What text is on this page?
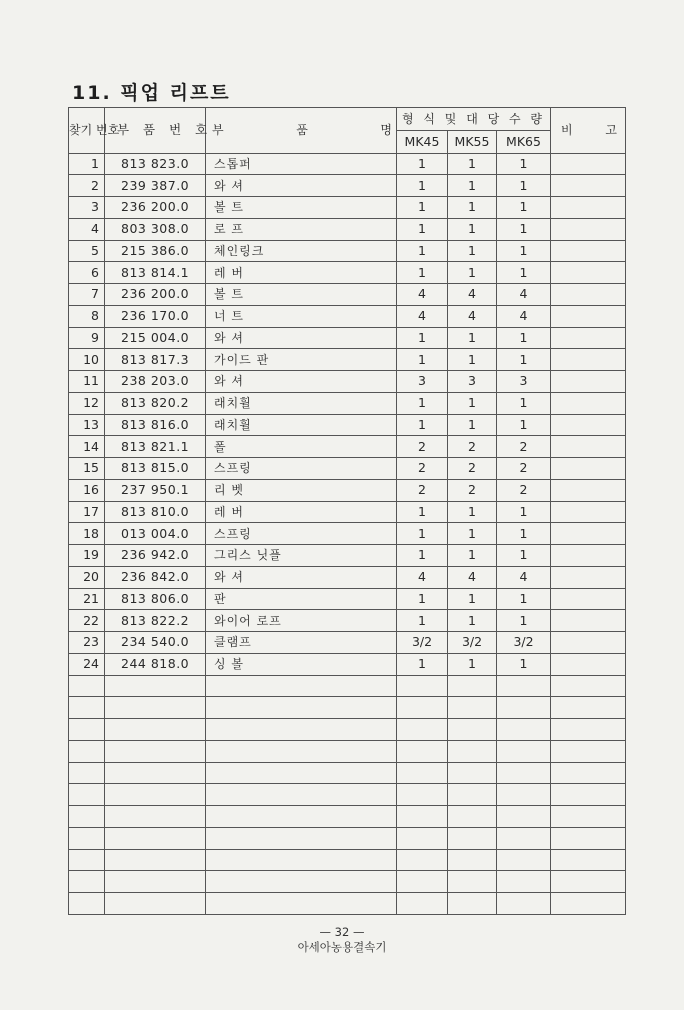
11. 픽업 리프트
찾기 번호	부 품 번 호	부 품 명	형 식 및 대 당 수 량			비 고

			MK45	MK55	MK65	
1	813 823.0	스톱퍼	1	1	1	
2	239 387.0	와 셔	1	1	1	
3	236 200.0	볼 트	1	1	1	
4	803 308.0	로 프	1	1	1	
5	215 386.0	체인링크	1	1	1	
6	813 814.1	레 버	1	1	1	
7	236 200.0	볼 트	4	4	4	
8	236 170.0	너 트	4	4	4	
9	215 004.0	와 셔	1	1	1	
10	813 817.3	가이드 판	1	1	1	
11	238 203.0	와 셔	3	3	3	
12	813 820.2	래치휠	1	1	1	
13	813 816.0	래치휠	1	1	1	
14	813 821.1	폴	2	2	2	
15	813 815.0	스프링	2	2	2	
16	237 950.1	리 벳	2	2	2	
17	813 810.0	레 버	1	1	1	
18	013 004.0	스프링	1	1	1	
19	236 942.0	그리스 닛플	1	1	1	
20	236 842.0	와 셔	4	4	4	
21	813 806.0	판	1	1	1	
22	813 822.2	와이어 로프	1	1	1	
23	234 540.0	클램프	3/2	3/2	3/2	
24	244 818.0	싱 볼	1	1	1	

— 32 —
아세아농용결속기
